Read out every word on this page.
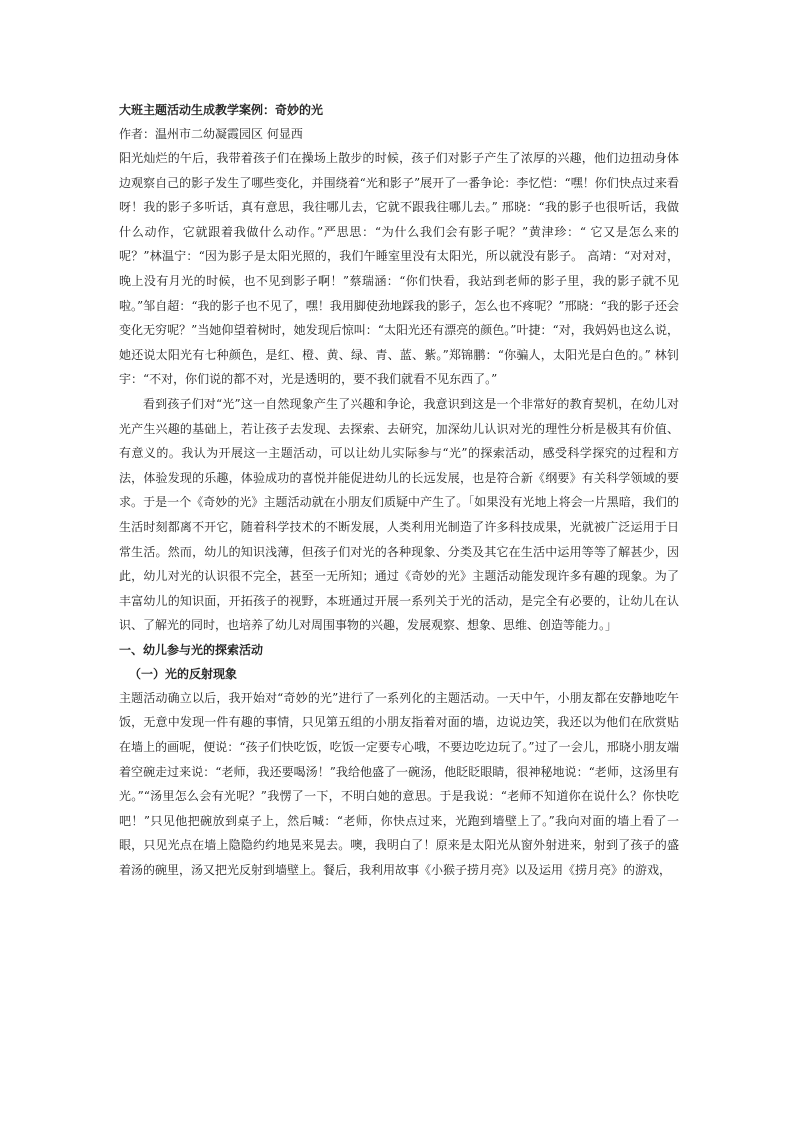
大班主题活动生成教学案例：奇妙的光

作者：温州市二幼凝霞园区 何显西

阳光灿烂的午后，我带着孩子们在操场上散步的时候，孩子们对影子产生了浓厚的兴趣，他们边扭动身体边观察自己的影子发生了哪些变化，并围绕着“光和影子”展开了一番争论：李忆恺：“嘿！你们快点过来看呀！我的影子多听话，真有意思，我往哪儿去，它就不跟我往哪儿去。” 邢晓：“我的影子也很听话，我做什么动作，它就跟着我做什么动作。”严思思：“为什么我们会有影子呢？”黄津珍：“ 它又是怎么来的呢？”林温宁：“因为影子是太阳光照的，我们午睡室里没有太阳光，所以就没有影子。 高靖：“对对对，晚上没有月光的时候，也不见到影子啊！”蔡瑞涵：“你们快看，我站到老师的影子里，我的影子就不见啦。”邹自超：“我的影子也不见了，嘿！我用脚使劲地踩我的影子，怎么也不疼呢？”邢晓：“我的影子还会变化无穷呢？”当她仰望着树时，她发现后惊叫：“太阳光还有漂亮的颜色。”叶捷：“对，我妈妈也这么说，她还说太阳光有七种颜色，是红、橙、黄、绿、青、蓝、紫。”郑锦鹏：“你骗人，太阳光是白色的。” 林钊宇：“不对，你们说的都不对，光是透明的，要不我们就看不见东西了。”

看到孩子们对“光”这一自然现象产生了兴趣和争论，我意识到这是一个非常好的教育契机，在幼儿对光产生兴趣的基础上，若让孩子去发现、去探索、去研究，加深幼儿认识对光的理性分析是极其有价值、有意义的。我认为开展这一主题活动，可以让幼儿实际参与“光”的探索活动，感受科学探究的过程和方法，体验发现的乐趣，体验成功的喜悦并能促进幼儿的长远发展，也是符合新《纲要》有关科学领域的要求。于是一个《奇妙的光》主题活动就在小朋友们质疑中产生了。「如果没有光地上将会一片黑暗，我们的生活时刻都离不开它，随着科学技术的不断发展，人类利用光制造了许多科技成果，光就被广泛运用于日常生活。然而，幼儿的知识浅薄，但孩子们对光的各种现象、分类及其它在生活中运用等等了解甚少，因此，幼儿对光的认识很不完全，甚至一无所知；通过《奇妙的光》主题活动能发现许多有趣的现象。为了丰富幼儿的知识面，开拓孩子的视野，本班通过开展一系列关于光的活动，是完全有必要的，让幼儿在认识、了解光的同时，也培养了幼儿对周围事物的兴趣，发展观察、想象、思维、创造等能力。」

一、幼儿参与光的探索活动

（一）光的反射现象

主题活动确立以后，我开始对“奇妙的光”进行了一系列化的主题活动。一天中午，小朋友都在安静地吃午饭，无意中发现一件有趣的事情，只见第五组的小朋友指着对面的墙，边说边笑，我还以为他们在欣赏贴在墙上的画呢，便说：“孩子们快吃饭，吃饭一定要专心哦，不要边吃边玩了。”过了一会儿，邢晓小朋友端着空碗走过来说：“老师，我还要喝汤！”我给他盛了一碗汤，他眨眨眼睛，很神秘地说：“老师，这汤里有光。”“汤里怎么会有光呢？”我愣了一下，不明白她的意思。于是我说：“老师不知道你在说什么？你快吃吧！”只见他把碗放到桌子上，然后喊：“老师，你快点过来，光跑到墙壁上了。”我向对面的墙上看了一眼，只见光点在墙上隐隐约约地晃来晃去。噢，我明白了！原来是太阳光从窗外射进来，射到了孩子的盛着汤的碗里，汤又把光反射到墙壁上。餐后，我利用故事《小猴子捞月亮》以及运用《捞月亮》的游戏，
